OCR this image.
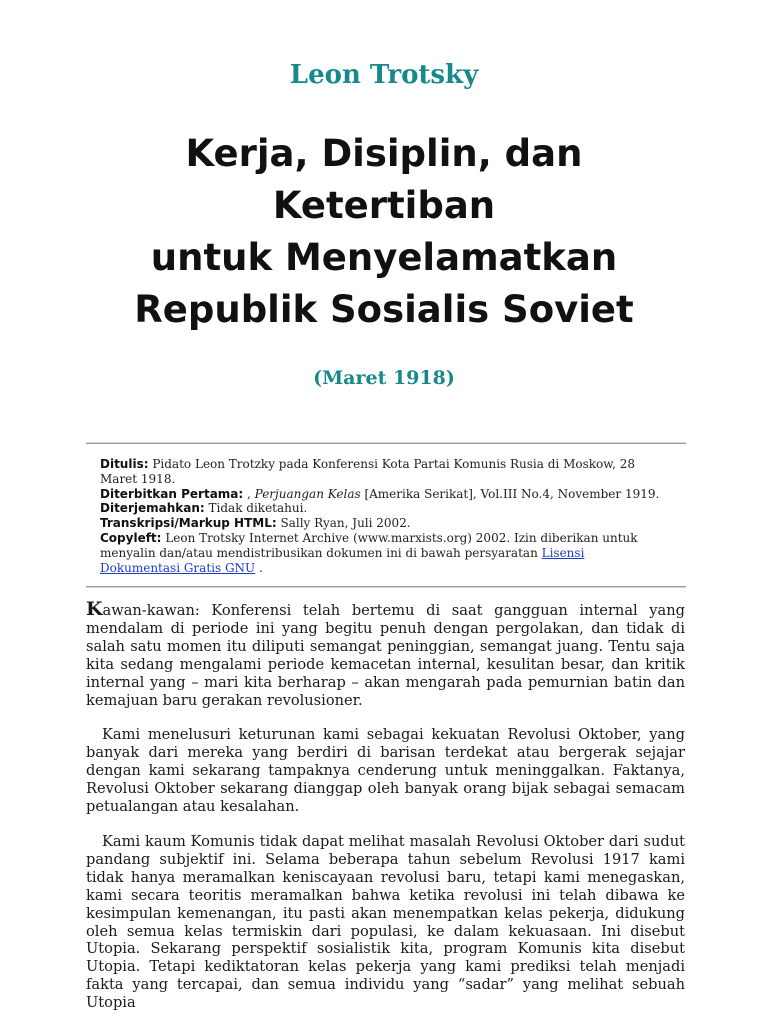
Leon Trotsky
Kerja, Disiplin, dan
Ketertiban
untuk Menyelamatkan
Republik Sosialis Soviet
(Maret 1918)
Ditulis: Pidato Leon Trotzky pada Konferensi Kota Partai Komunis Rusia di Moskow, 28 Maret 1918.
Diterbitkan Pertama: , Perjuangan Kelas [Amerika Serikat], Vol.III No.4, November 1919.
Diterjemahkan: Tidak diketahui.
Transkripsi/Markup HTML: Sally Ryan, Juli 2002.
Copyleft: Leon Trotsky Internet Archive (www.marxists.org) 2002. Izin diberikan untuk menyalin dan/atau mendistribusikan dokumen ini di bawah persyaratan Lisensi Dokumentasi Gratis GNU .

Kawan-kawan: Konferensi telah bertemu di saat gangguan internal yang mendalam di periode ini yang begitu penuh dengan pergolakan, dan tidak di salah satu momen itu diliputi semangat peninggian, semangat juang. Tentu saja kita sedang mengalami periode kemacetan internal, kesulitan besar, dan kritik internal yang – mari kita berharap – akan mengarah pada pemurnian batin dan kemajuan baru gerakan revolusioner.

Kami menelusuri keturunan kami sebagai kekuatan Revolusi Oktober, yang banyak dari mereka yang berdiri di barisan terdekat atau bergerak sejajar dengan kami sekarang tampaknya cenderung untuk meninggalkan. Faktanya, Revolusi Oktober sekarang dianggap oleh banyak orang bijak sebagai semacam petualangan atau kesalahan.

Kami kaum Komunis tidak dapat melihat masalah Revolusi Oktober dari sudut pandang subjektif ini. Selama beberapa tahun sebelum Revolusi 1917 kami tidak hanya meramalkan keniscayaan revolusi baru, tetapi kami menegaskan, kami secara teoritis meramalkan bahwa ketika revolusi ini telah dibawa ke kesimpulan kemenangan, itu pasti akan menempatkan kelas pekerja, didukung oleh semua kelas termiskin dari populasi, ke dalam kekuasaan. Ini disebut Utopia. Sekarang perspektif sosialistik kita, program Komunis kita disebut Utopia. Tetapi kediktatoran kelas pekerja yang kami prediksi telah menjadi fakta yang tercapai, dan semua individu yang “sadar” yang melihat sebuah Utopia
